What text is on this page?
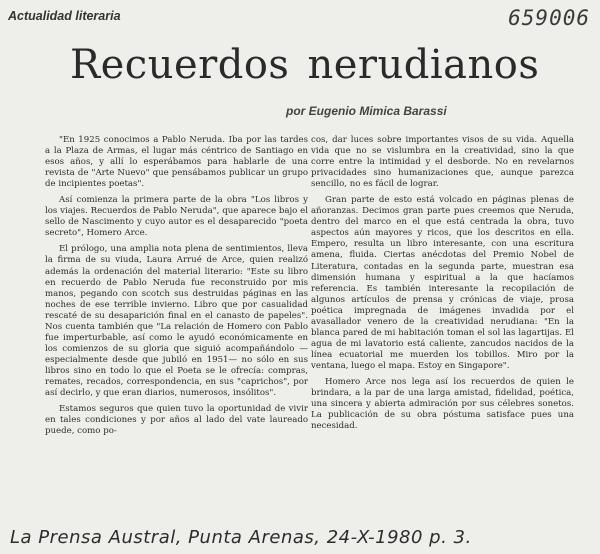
Actualidad literaria	659006
Recuerdos nerudianos
por Eugenio Mimica Barassi

"En 1925 conocimos a Pablo Neruda. Iba por las tardes a la Plaza de Armas, el lugar más céntrico de Santiago en esos años, y allí lo esperábamos para hablarle de una revista de "Arte Nuevo" que pensábamos publicar un grupo de incipientes poetas".

Así comienza la primera parte de la obra "Los libros y los viajes. Recuerdos de Pablo Neruda", que aparece bajo el sello de Nascimento y cuyo autor es el desaparecido "poeta secreto", Homero Arce.

El prólogo, una amplia nota plena de sentimientos, lleva la firma de su viuda, Laura Arrué de Arce, quien realizó además la ordenación del material literario: "Este su libro en recuerdo de Pablo Neruda fue reconstruido por mis manos, pegando con scotch sus destruidas páginas en las noches de ese terrible invierno. Libro que por casualidad rescaté de su desaparición final en el canasto de papeles". Nos cuenta también que "La relación de Homero con Pablo fue imperturbable, así como le ayudó económicamente en los comienzos de su gloria que siguió acompañándolo —especialmente desde que jubiló en 1951— no sólo en sus libros sino en todo lo que el Poeta se le ofrecía: compras, remates, recados, correspondencia, en sus "caprichos", por así decirlo, y que eran diarios, numerosos, insólitos".

Estamos seguros que quien tuvo la oportunidad de vivir en tales condiciones y por años al lado del vate laureado puede, como po-

cos, dar luces sobre importantes visos de su vida. Aquella vida que no se vislumbra en la creatividad, sino la que corre entre la intimidad y el desborde. No en revelarnos privacidades sino humanizaciones que, aunque parezca sencillo, no es fácil de lograr.

Gran parte de esto está volcado en páginas plenas de añoranzas. Decimos gran parte pues creemos que Neruda, dentro del marco en el que está centrada la obra, tuvo aspectos aún mayores y ricos, que los descritos en ella. Empero, resulta un libro interesante, con una escritura amena, fluida. Ciertas anécdotas del Premio Nobel de Literatura, contadas en la segunda parte, muestran esa dimensión humana y espiritual a la que hacíamos referencia. Es también interesante la recopilación de algunos artículos de prensa y crónicas de viaje, prosa poética impregnada de imágenes invadida por el avasallador venero de la creatividad nerudiana: "En la blanca pared de mi habitación toman el sol las lagartijas. El agua de mi lavatorio está caliente, zancudos nacidos de la línea ecuatorial me muerden los tobillos. Miro por la ventana, luego el mapa. Estoy en Singapore".

Homero Arce nos lega así los recuerdos de quien le brindara, a la par de una larga amistad, fidelidad, poética, una sincera y abierta admiración por sus célebres sonetos. La publicación de su obra póstuma satisface pues una necesidad.

La Prensa Austral, Punta Arenas, 24-X-1980 p. 3.
